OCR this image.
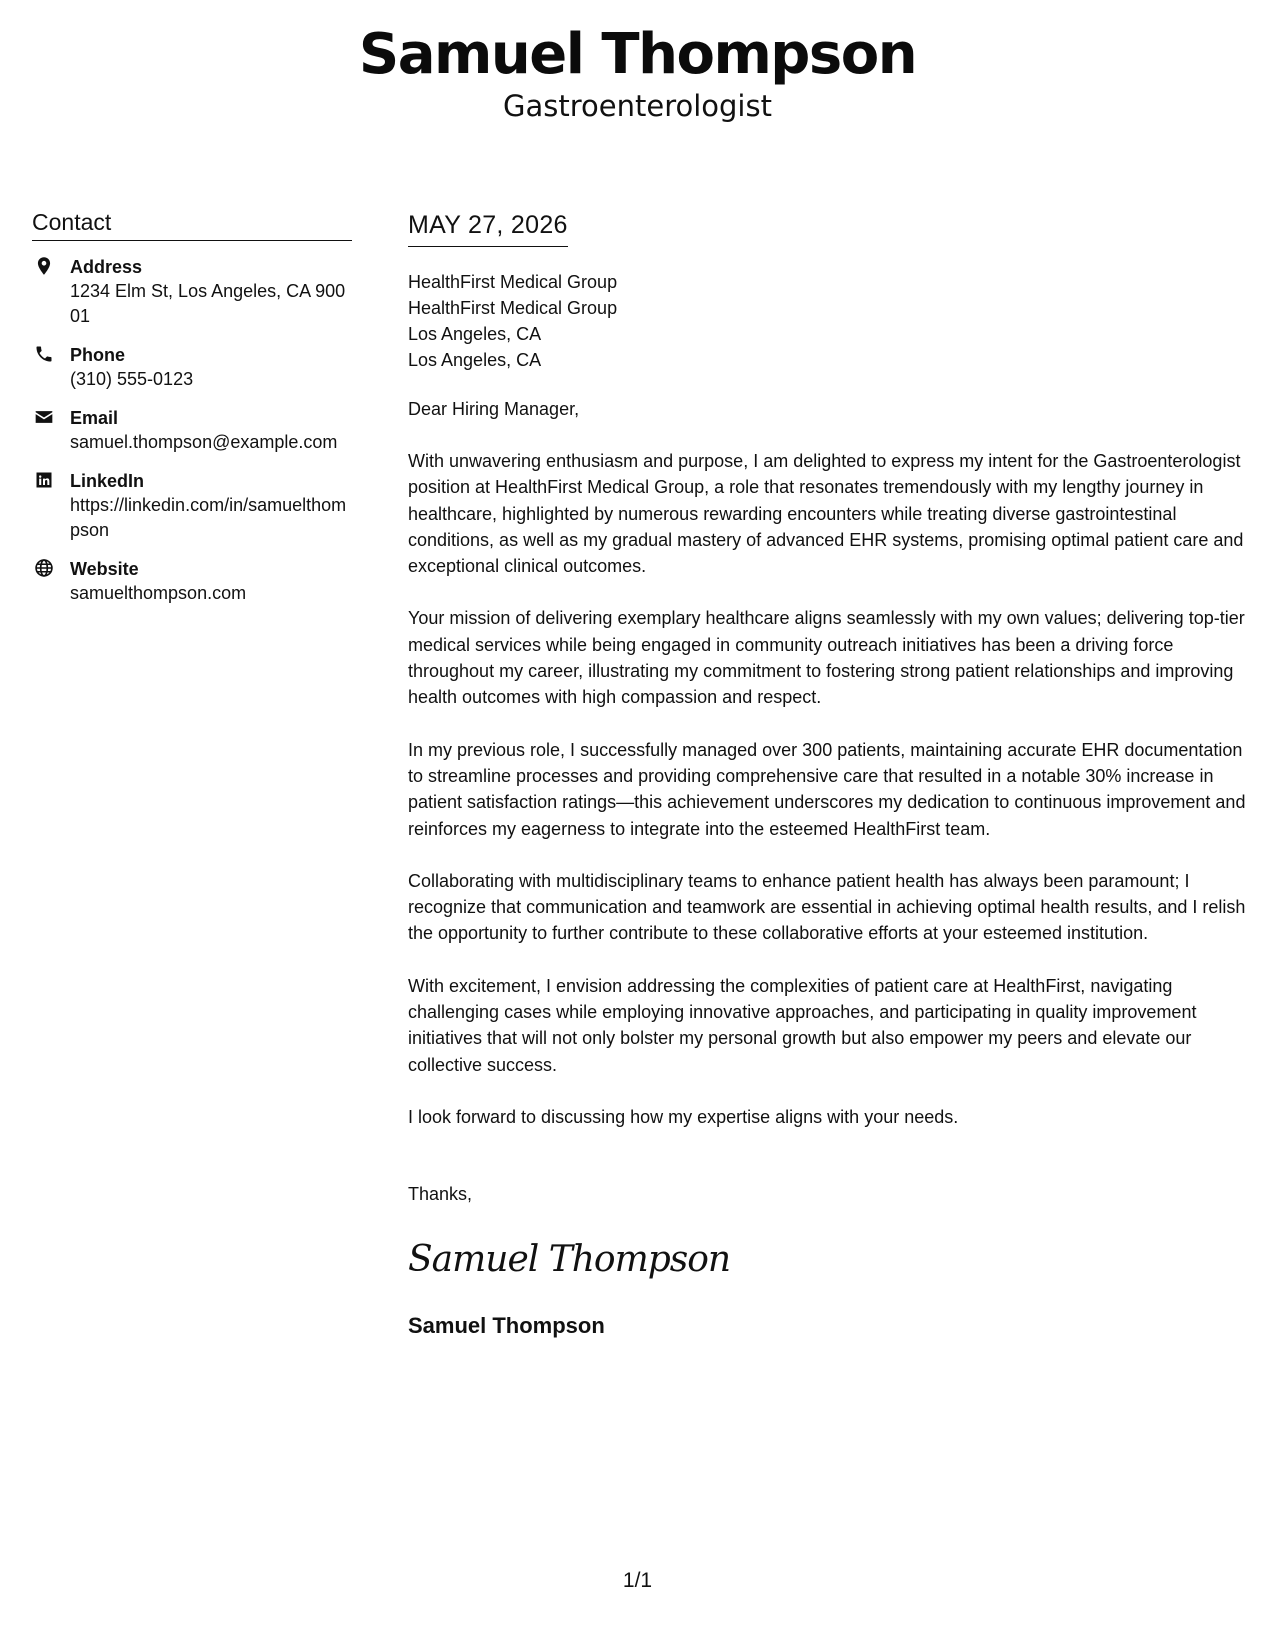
Samuel Thompson
Gastroenterologist
Contact
Address
1234 Elm St, Los Angeles, CA 90001
Phone
(310) 555-0123
Email
samuel.thompson@example.com
LinkedIn
https://linkedin.com/in/samuelthompson
Website
samuelthompson.com
MAY 27, 2026
HealthFirst Medical Group
HealthFirst Medical Group
Los Angeles, CA
Los Angeles, CA
Dear Hiring Manager,
With unwavering enthusiasm and purpose, I am delighted to express my intent for the Gastroenterologist position at HealthFirst Medical Group, a role that resonates tremendously with my lengthy journey in healthcare, highlighted by numerous rewarding encounters while treating diverse gastrointestinal conditions, as well as my gradual mastery of advanced EHR systems, promising optimal patient care and exceptional clinical outcomes.
Your mission of delivering exemplary healthcare aligns seamlessly with my own values; delivering top-tier medical services while being engaged in community outreach initiatives has been a driving force throughout my career, illustrating my commitment to fostering strong patient relationships and improving health outcomes with high compassion and respect.
In my previous role, I successfully managed over 300 patients, maintaining accurate EHR documentation to streamline processes and providing comprehensive care that resulted in a notable 30% increase in patient satisfaction ratings—this achievement underscores my dedication to continuous improvement and reinforces my eagerness to integrate into the esteemed HealthFirst team.
Collaborating with multidisciplinary teams to enhance patient health has always been paramount; I recognize that communication and teamwork are essential in achieving optimal health results, and I relish the opportunity to further contribute to these collaborative efforts at your esteemed institution.
With excitement, I envision addressing the complexities of patient care at HealthFirst, navigating challenging cases while employing innovative approaches, and participating in quality improvement initiatives that will not only bolster my personal growth but also empower my peers and elevate our collective success.
I look forward to discussing how my expertise aligns with your needs.
Thanks,
Samuel Thompson
Samuel Thompson
1/1
